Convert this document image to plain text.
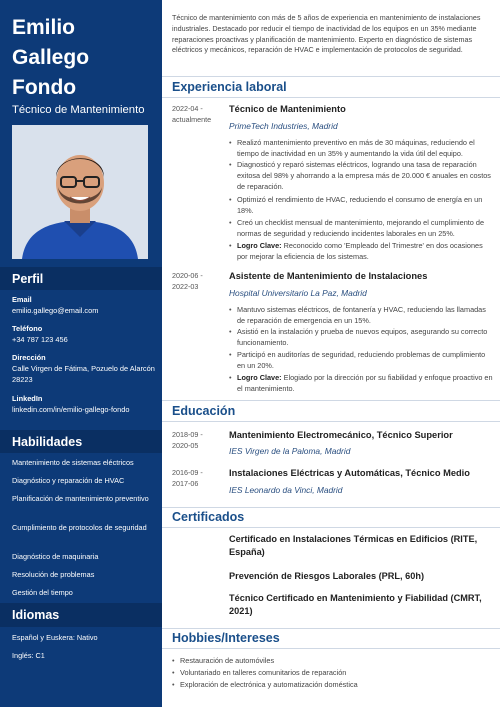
Emilio
Gallego
Fondo
Técnico de Mantenimiento
Perfil
Email
emilio.gallego@email.com
Teléfono
+34 787 123 456
Dirección
Calle Virgen de Fátima, Pozuelo de Alarcón 28223
LinkedIn
linkedin.com/in/emilio-gallego-fondo
Habilidades
Mantenimiento de sistemas eléctricos
Diagnóstico y reparación de HVAC
Planificación de mantenimiento preventivo
Cumplimiento de protocolos de seguridad
Diagnóstico de maquinaria
Resolución de problemas
Gestión del tiempo
Idiomas
Español y Euskera: Nativo
Inglés: C1
Técnico de mantenimiento con más de 5 años de experiencia en mantenimiento de instalaciones industriales. Destacado por reducir el tiempo de inactividad de los equipos en un 35% mediante reparaciones proactivas y planificación de mantenimiento. Experto en diagnóstico de sistemas eléctricos y mecánicos, reparación de HVAC e implementación de protocolos de seguridad.
Experiencia laboral
2022-04 - actualmente
Técnico de Mantenimiento
PrimeTech Industries, Madrid
• Realizó mantenimiento preventivo en más de 30 máquinas, reduciendo el tiempo de inactividad en un 35% y aumentando la vida útil del equipo.
• Diagnosticó y reparó sistemas eléctricos, logrando una tasa de reparación exitosa del 98% y ahorrando a la empresa más de 20.000 € anuales en costos de reparación.
• Optimizó el rendimiento de HVAC, reduciendo el consumo de energía en un 18%.
• Creó un checklist mensual de mantenimiento, mejorando el cumplimiento de normas de seguridad y reduciendo incidentes laborales en un 25%.
• Logro Clave: Reconocido como 'Empleado del Trimestre' en dos ocasiones por mejorar la eficiencia de los sistemas.
2020-06 - 2022-03
Asistente de Mantenimiento de Instalaciones
Hospital Universitario La Paz, Madrid
• Mantuvo sistemas eléctricos, de fontanería y HVAC, reduciendo las llamadas de reparación de emergencia en un 15%.
• Asistió en la instalación y prueba de nuevos equipos, asegurando su correcto funcionamiento.
• Participó en auditorías de seguridad, reduciendo problemas de cumplimiento en un 20%.
• Logro Clave: Elogiado por la dirección por su fiabilidad y enfoque proactivo en el mantenimiento.
Educación
2018-09 - 2020-05
Mantenimiento Electromecánico, Técnico Superior
IES Virgen de la Paloma, Madrid
2016-09 - 2017-06
Instalaciones Eléctricas y Automáticas, Técnico Medio
IES Leonardo da Vinci, Madrid
Certificados
Certificado en Instalaciones Térmicas en Edificios (RITE, España)
Prevención de Riesgos Laborales (PRL, 60h)
Técnico Certificado en Mantenimiento y Fiabilidad (CMRT, 2021)
Hobbies/Intereses
• Restauración de automóviles
• Voluntariado en talleres comunitarios de reparación
• Exploración de electrónica y automatización doméstica
